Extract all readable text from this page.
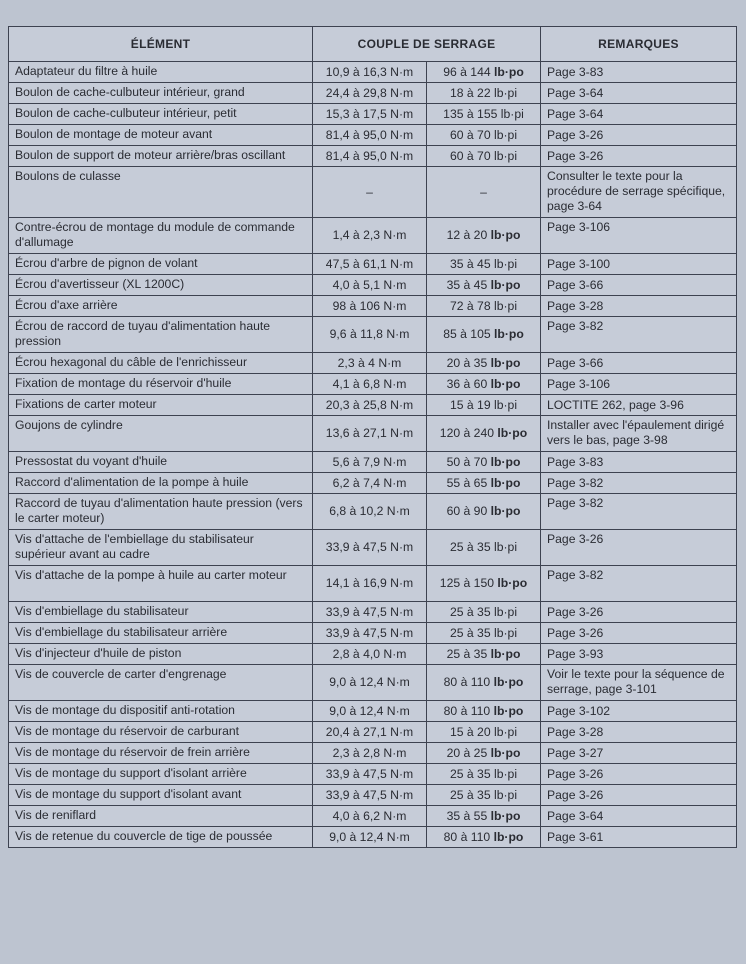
ÉLÉMENT	COUPLE DE SERRAGE		REMARQUES
Adaptateur du filtre à huile	10,9 à 16,3 N·m	96 à 144 lb·po	Page 3-83
Boulon de cache-culbuteur intérieur, grand	24,4 à 29,8 N·m	18 à 22 lb·pi	Page 3-64
Boulon de cache-culbuteur intérieur, petit	15,3 à 17,5 N·m	135 à 155 lb·pi	Page 3-64
Boulon de montage de moteur avant	81,4 à 95,0 N·m	60 à 70 lb·pi	Page 3-26
Boulon de support de moteur arrière/bras oscillant	81,4 à 95,0 N·m	60 à 70 lb·pi	Page 3-26
Boulons de culasse	–	–	Consulter le texte pour la procédure de serrage spécifique, page 3-64
Contre-écrou de montage du module de commande d'allumage	1,4 à 2,3 N·m	12 à 20 lb·po	Page 3-106
Écrou d'arbre de pignon de volant	47,5 à 61,1 N·m	35 à 45 lb·pi	Page 3-100
Écrou d'avertisseur (XL 1200C)	4,0 à 5,1 N·m	35 à 45 lb·po	Page 3-66
Écrou d'axe arrière	98 à 106 N·m	72 à 78 lb·pi	Page 3-28
Écrou de raccord de tuyau d'alimentation haute pression	9,6 à 11,8 N·m	85 à 105 lb·po	Page 3-82
Écrou hexagonal du câble de l'enrichisseur	2,3 à 4 N·m	20 à 35 lb·po	Page 3-66
Fixation de montage du réservoir d'huile	4,1 à 6,8 N·m	36 à 60 lb·po	Page 3-106
Fixations de carter moteur	20,3 à 25,8 N·m	15 à 19 lb·pi	LOCTITE 262, page 3-96
Goujons de cylindre	13,6 à 27,1 N·m	120 à 240 lb·po	Installer avec l'épaulement dirigé vers le bas, page 3-98
Pressostat du voyant d'huile	5,6 à 7,9 N·m	50 à 70 lb·po	Page 3-83
Raccord d'alimentation de la pompe à huile	6,2 à 7,4 N·m	55 à 65 lb·po	Page 3-82
Raccord de tuyau d'alimentation haute pression (vers le carter moteur)	6,8 à 10,2 N·m	60 à 90 lb·po	Page 3-82
Vis d'attache de l'embiellage du stabilisateur supérieur avant au cadre	33,9 à 47,5 N·m	25 à 35 lb·pi	Page 3-26
Vis d'attache de la pompe à huile au carter moteur	14,1 à 16,9 N·m	125 à 150 lb·po	Page 3-82
Vis d'embiellage du stabilisateur	33,9 à 47,5 N·m	25 à 35 lb·pi	Page 3-26
Vis d'embiellage du stabilisateur arrière	33,9 à 47,5 N·m	25 à 35 lb·pi	Page 3-26
Vis d'injecteur d'huile de piston	2,8 à 4,0 N·m	25 à 35 lb·po	Page 3-93
Vis de couvercle de carter d'engrenage	9,0 à 12,4 N·m	80 à 110 lb·po	Voir le texte pour la séquence de serrage, page 3-101
Vis de montage du dispositif anti-rotation	9,0 à 12,4 N·m	80 à 110 lb·po	Page 3-102
Vis de montage du réservoir de carburant	20,4 à 27,1 N·m	15 à 20 lb·pi	Page 3-28
Vis de montage du réservoir de frein arrière	2,3 à 2,8 N·m	20 à 25 lb·po	Page 3-27
Vis de montage du support d'isolant arrière	33,9 à 47,5 N·m	25 à 35 lb·pi	Page 3-26
Vis de montage du support d'isolant avant	33,9 à 47,5 N·m	25 à 35 lb·pi	Page 3-26
Vis de reniflard	4,0 à 6,2 N·m	35 à 55 lb·po	Page 3-64
Vis de retenue du couvercle de tige de poussée	9,0 à 12,4 N·m	80 à 110 lb·po	Page 3-61
